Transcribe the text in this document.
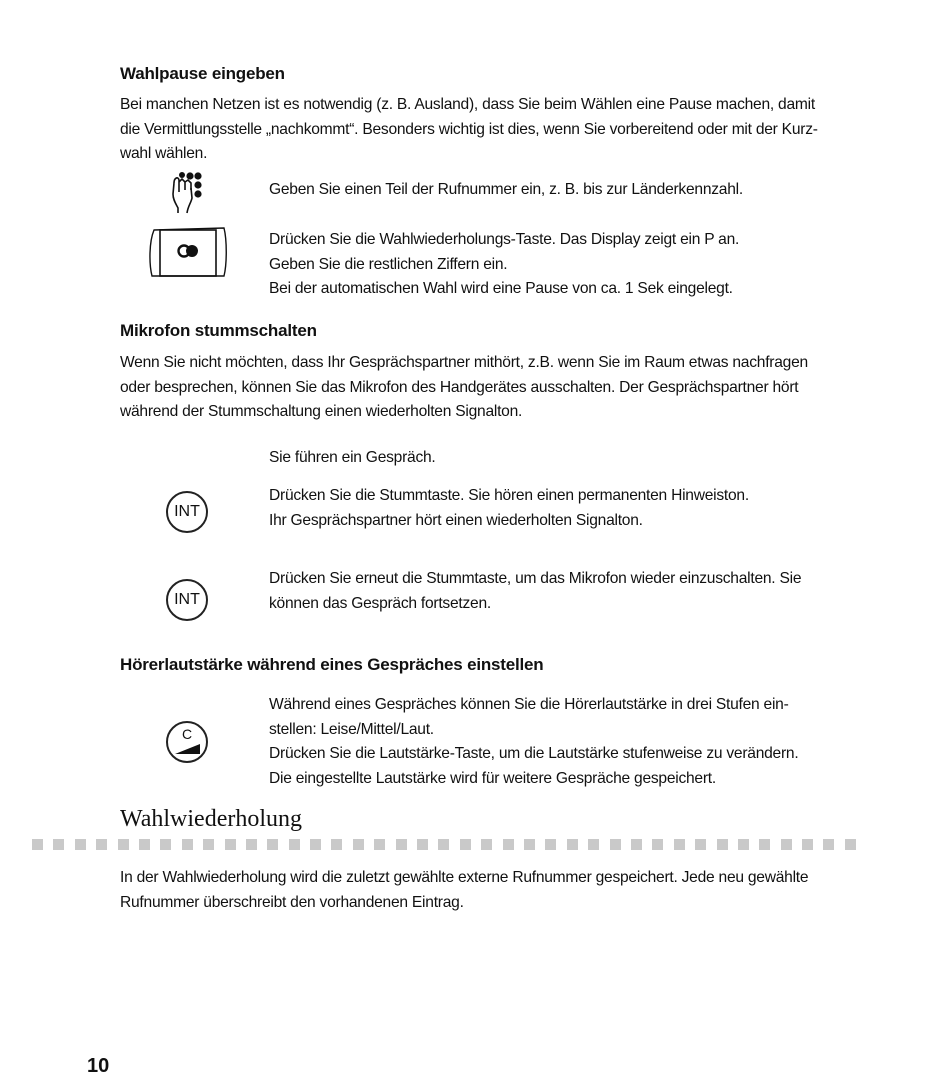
Wahlpause eingeben
Bei manchen Netzen ist es notwendig (z. B. Ausland), dass Sie beim Wählen eine Pause machen, damit
die Vermittlungsstelle „nachkommt“. Besonders wichtig ist dies, wenn Sie vorbereitend oder mit der Kurz-
wahl wählen.
Geben Sie einen Teil der Rufnummer ein, z. B. bis zur Länderkennzahl.
Drücken Sie die Wahlwiederholungs-Taste. Das Display zeigt ein P an.
Geben Sie die restlichen Ziffern ein.
Bei der automatischen Wahl wird eine Pause von ca. 1 Sek eingelegt.
Mikrofon stummschalten
Wenn Sie nicht möchten, dass Ihr Gesprächspartner mithört, z.B. wenn Sie im Raum etwas nachfragen
oder besprechen, können Sie das Mikrofon des Handgerätes ausschalten. Der Gesprächspartner hört
während der Stummschaltung einen wiederholten Signalton.
Sie führen ein Gespräch.
INT
Drücken Sie die Stummtaste. Sie hören einen permanenten Hinweiston.
Ihr Gesprächspartner hört einen wiederholten Signalton.
INT
Drücken Sie erneut die Stummtaste, um das Mikrofon wieder einzuschalten. Sie
können das Gespräch fortsetzen.
Hörerlautstärke während eines Gespräches einstellen
C
Während eines Gespräches können Sie die Hörerlautstärke in drei Stufen ein-
stellen: Leise/Mittel/Laut.
Drücken Sie die Lautstärke-Taste, um die Lautstärke stufenweise zu verändern.
Die eingestellte Lautstärke wird für weitere Gespräche gespeichert.
Wahlwiederholung
In der Wahlwiederholung wird die zuletzt gewählte externe Rufnummer gespeichert. Jede neu gewählte
Rufnummer überschreibt den vorhandenen Eintrag.
10
